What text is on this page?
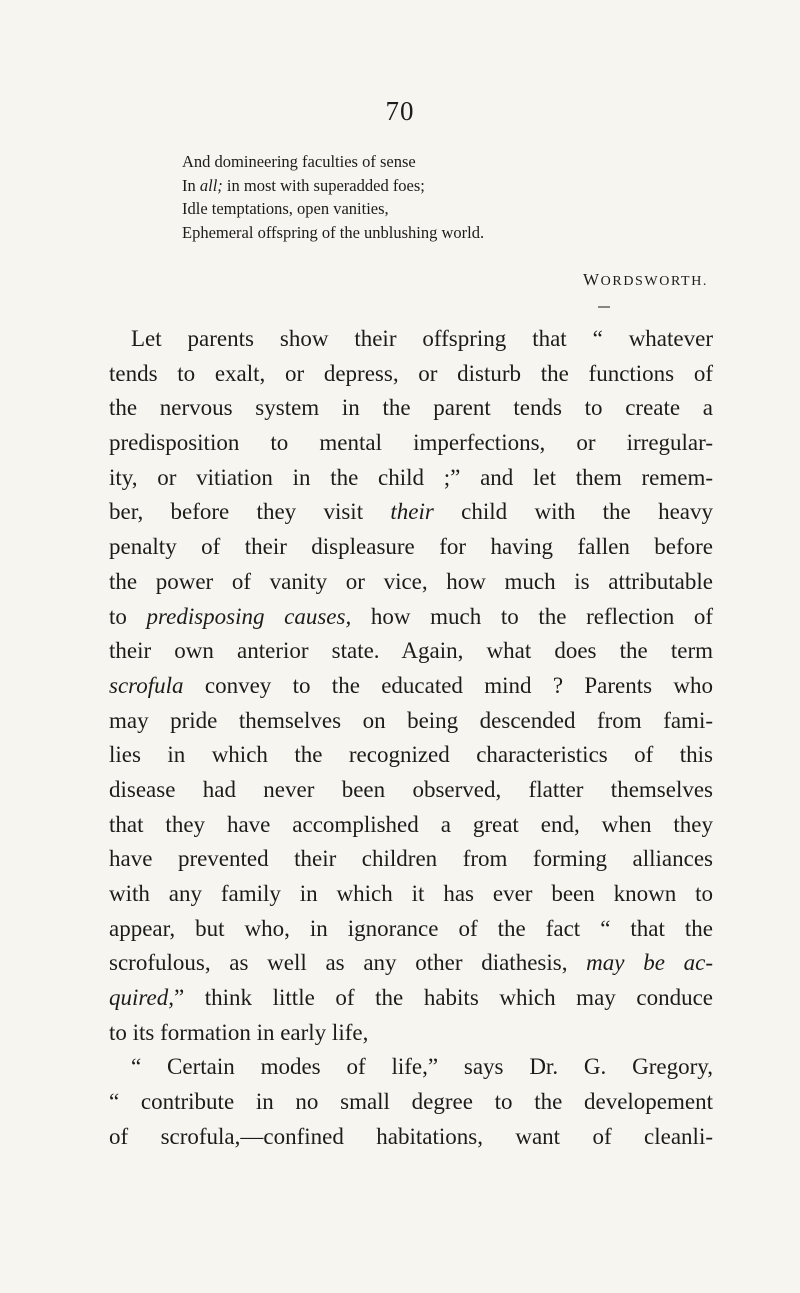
70
And domineering faculties of sense
In all; in most with superadded foes;
Idle temptations, open vanities,
Ephemeral offspring of the unblushing world.
WORDSWORTH.
Let parents show their offspring that “ whatever
tends to exalt, or depress, or disturb the functions of
the nervous system in the parent tends to create a
predisposition to mental imperfections, or irregular-
ity, or vitiation in the child ;” and let them remem-
ber, before they visit their child with the heavy
penalty of their displeasure for having fallen before
the power of vanity or vice, how much is attributable
to predisposing causes, how much to the reflection of
their own anterior state. Again, what does the term
scrofula convey to the educated mind ? Parents who
may pride themselves on being descended from fami-
lies in which the recognized characteristics of this
disease had never been observed, flatter themselves
that they have accomplished a great end, when they
have prevented their children from forming alliances
with any family in which it has ever been known to
appear, but who, in ignorance of the fact “ that the
scrofulous, as well as any other diathesis, may be ac-
quired,” think little of the habits which may conduce
to its formation in early life,
“ Certain modes of life,” says Dr. G. Gregory,
“ contribute in no small degree to the developement
of scrofula,—confined habitations, want of cleanli-
